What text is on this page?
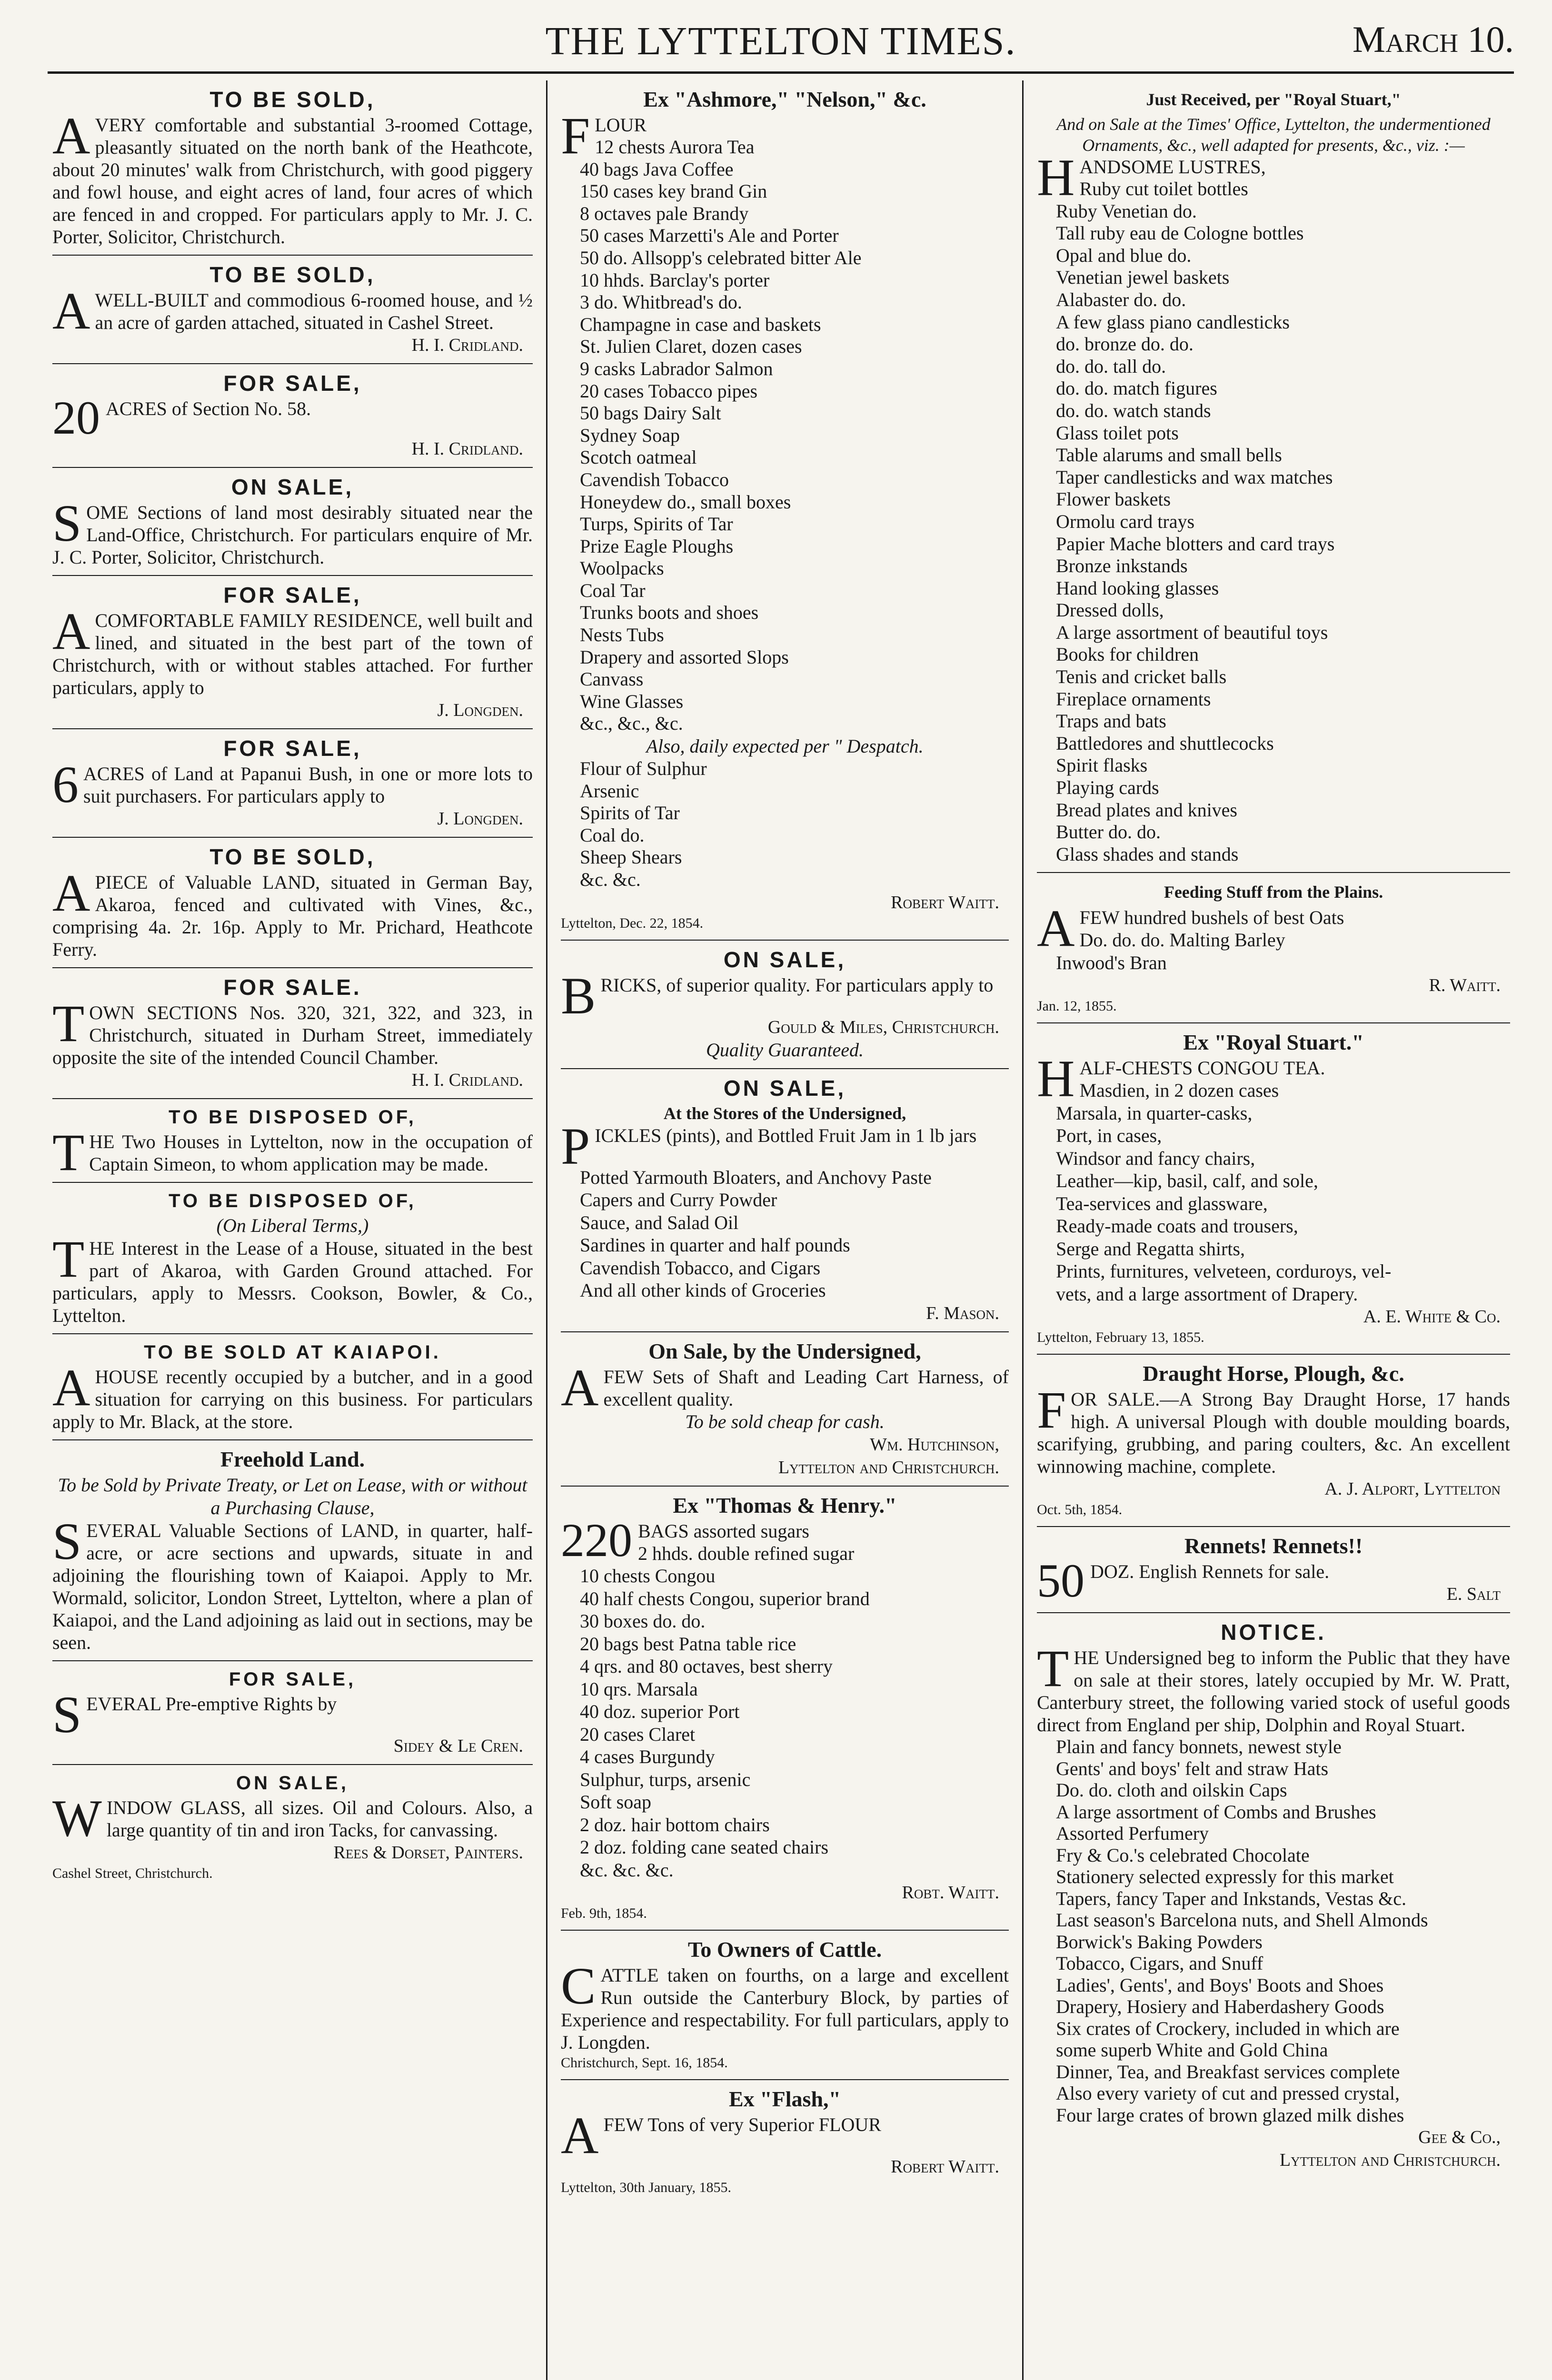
THE LYTTELTON TIMES.	March 10.
TO BE SOLD,

AVERY comfortable and substantial 3-roomed Cottage, pleasantly situated on the north bank of the Heathcote, about 20 minutes' walk from Christchurch, with good piggery and fowl house, and eight acres of land, four acres of which are fenced in and cropped. For particulars apply to Mr. J. C. Porter, Solicitor, Christchurch.

TO BE SOLD,

AWELL-BUILT and commodious 6-roomed house, and ½ an acre of garden attached, situated in Cashel Street.

H. I. Cridland.
FOR SALE,

20 ACRES of Section No. 58.

H. I. Cridland.
ON SALE,

SOME Sections of land most desirably situated near the Land-Office, Christchurch. For particulars enquire of Mr. J. C. Porter, Solicitor, Christchurch.

FOR SALE,

ACOMFORTABLE FAMILY RESIDENCE, well built and lined, and situated in the best part of the town of Christchurch, with or without stables attached. For further particulars, apply to

J. Longden.
FOR SALE,

6 ACRES of Land at Papanui Bush, in one or more lots to suit purchasers. For particulars apply to

J. Longden.
TO BE SOLD,

APIECE of Valuable LAND, situated in German Bay, Akaroa, fenced and cultivated with Vines, &c., comprising 4a. 2r. 16p. Apply to Mr. Prichard, Heathcote Ferry.

FOR SALE.

TOWN SECTIONS Nos. 320, 321, 322, and 323, in Christchurch, situated in Durham Street, immediately opposite the site of the intended Council Chamber.

H. I. Cridland.
TO BE DISPOSED OF,

THE Two Houses in Lyttelton, now in the occupation of Captain Simeon, to whom application may be made.

TO BE DISPOSED OF,
(On Liberal Terms,)

THE Interest in the Lease of a House, situated in the best part of Akaroa, with Garden Ground attached. For particulars, apply to Messrs. Cookson, Bowler, & Co., Lyttelton.

TO BE SOLD AT KAIAPOI.

AHOUSE recently occupied by a butcher, and in a good situation for carrying on this business. For particulars apply to Mr. Black, at the store.

Freehold Land.
To be Sold by Private Treaty, or Let on Lease, with or without a Purchasing Clause,

SEVERAL Valuable Sections of LAND, in quarter, half-acre, or acre sections and upwards, situate in and adjoining the flourishing town of Kaiapoi. Apply to Mr. Wormald, solicitor, London Street, Lyttelton, where a plan of Kaiapoi, and the Land adjoining as laid out in sections, may be seen.

FOR SALE,

SEVERAL Pre-emptive Rights by

Sidey & Le Cren.
ON SALE,

WINDOW GLASS, all sizes. Oil and Colours. Also, a large quantity of tin and iron Tacks, for canvassing.

Rees & Dorset, Painters.
Cashel Street, Christchurch.
Ex "Ashmore," "Nelson," &c.

FLOUR

12 chests Aurora Tea
40 bags Java Coffee
150 cases key brand Gin
8 octaves pale Brandy
50 cases Marzetti's Ale and Porter
50 do. Allsopp's celebrated bitter Ale
10 hhds. Barclay's porter
3 do. Whitbread's do.
Champagne in case and baskets
St. Julien Claret, dozen cases
9 casks Labrador Salmon
20 cases Tobacco pipes
50 bags Dairy Salt
Sydney Soap
Scotch oatmeal
Cavendish Tobacco
Honeydew do., small boxes
Turps, Spirits of Tar
Prize Eagle Ploughs
Woolpacks
Coal Tar
Trunks boots and shoes
Nests Tubs
Drapery and assorted Slops
Canvass
Wine Glasses
&c., &c., &c.
Also, daily expected per " Despatch.
Flour of Sulphur
Arsenic
Spirits of Tar
Coal do.
Sheep Shears
&c. &c.
Robert Waitt.
Lyttelton, Dec. 22, 1854.
ON SALE,

BRICKS, of superior quality. For particulars apply to

Gould & Miles, Christchurch.
Quality Guaranteed.
ON SALE,
At the Stores of the Undersigned,

PICKLES (pints), and Bottled Fruit Jam in 1 lb jars

Potted Yarmouth Bloaters, and Anchovy Paste
Capers and Curry Powder
Sauce, and Salad Oil
Sardines in quarter and half pounds
Cavendish Tobacco, and Cigars
And all other kinds of Groceries
F. Mason.
On Sale, by the Undersigned,

AFEW Sets of Shaft and Leading Cart Harness, of excellent quality.

To be sold cheap for cash.
Wm. Hutchinson,
Lyttelton and Christchurch.
Ex "Thomas & Henry."

220 BAGS assorted sugars

2 hhds. double refined sugar
10 chests Congou
40 half chests Congou, superior brand
30 boxes do. do.
20 bags best Patna table rice
4 qrs. and 80 octaves, best sherry
10 qrs. Marsala
40 doz. superior Port
20 cases Claret
4 cases Burgundy
Sulphur, turps, arsenic
Soft soap
2 doz. hair bottom chairs
2 doz. folding cane seated chairs
&c. &c. &c.
Robt. Waitt.
Feb. 9th, 1854.
To Owners of Cattle.

CATTLE taken on fourths, on a large and excellent Run outside the Canterbury Block, by parties of Experience and respectability. For full particulars, apply to J. Longden.

Christchurch, Sept. 16, 1854.
Ex "Flash,"

AFEW Tons of very Superior FLOUR

Robert Waitt.
Lyttelton, 30th January, 1855.
Just Received, per "Royal Stuart,"
And on Sale at the Times' Office, Lyttelton, the undermentioned Ornaments, &c., well adapted for presents, &c., viz. :—

HANDSOME LUSTRES,

Ruby cut toilet bottles
Ruby Venetian do.
Tall ruby eau de Cologne bottles
Opal and blue do.
Venetian jewel baskets
Alabaster do. do.
A few glass piano candlesticks
do. bronze do. do.
do. do. tall do.
do. do. match figures
do. do. watch stands
Glass toilet pots
Table alarums and small bells
Taper candlesticks and wax matches
Flower baskets
Ormolu card trays
Papier Mache blotters and card trays
Bronze inkstands
Hand looking glasses
Dressed dolls,
A large assortment of beautiful toys
Books for children
Tenis and cricket balls
Fireplace ornaments
Traps and bats
Battledores and shuttlecocks
Spirit flasks
Playing cards
Bread plates and knives
Butter do. do.
Glass shades and stands
Feeding Stuff from the Plains.

AFEW hundred bushels of best Oats

Do. do. do. Malting Barley
Inwood's Bran
R. Waitt.
Jan. 12, 1855.
Ex "Royal Stuart."

HALF-CHESTS CONGOU TEA.

Masdien, in 2 dozen cases
Marsala, in quarter-casks,
Port, in cases,
Windsor and fancy chairs,
Leather—kip, basil, calf, and sole,
Tea-services and glassware,
Ready-made coats and trousers,
Serge and Regatta shirts,
Prints, furnitures, velveteen, corduroys, vel-
vets, and a large assortment of Drapery.
A. E. White & Co.
Lyttelton, February 13, 1855.
Draught Horse, Plough, &c.

FOR SALE.—A Strong Bay Draught Horse, 17 hands high. A universal Plough with double moulding boards, scarifying, grubbing, and paring coulters, &c. An excellent winnowing machine, complete.

A. J. Alport, Lyttelton
Oct. 5th, 1854.
Rennets! Rennets!!

50 DOZ. English Rennets for sale.

E. Salt
NOTICE.

THE Undersigned beg to inform the Public that they have on sale at their stores, lately occupied by Mr. W. Pratt, Canterbury street, the following varied stock of useful goods direct from England per ship, Dolphin and Royal Stuart.

Plain and fancy bonnets, newest style
Gents' and boys' felt and straw Hats
Do. do. cloth and oilskin Caps
A large assortment of Combs and Brushes
Assorted Perfumery
Fry & Co.'s celebrated Chocolate
Stationery selected expressly for this market
Tapers, fancy Taper and Inkstands, Vestas &c.
Last season's Barcelona nuts, and Shell Almonds
Borwick's Baking Powders
Tobacco, Cigars, and Snuff
Ladies', Gents', and Boys' Boots and Shoes
Drapery, Hosiery and Haberdashery Goods
Six crates of Crockery, included in which are
some superb White and Gold China
Dinner, Tea, and Breakfast services complete
Also every variety of cut and pressed crystal,
Four large crates of brown glazed milk dishes
Gee & Co.,
Lyttelton and Christchurch.
